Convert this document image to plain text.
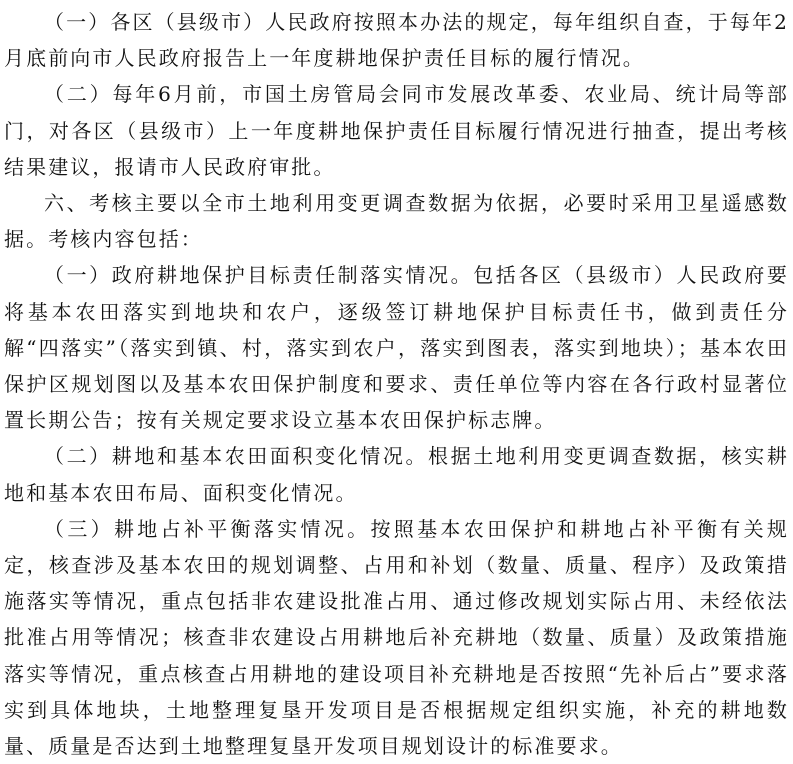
（一）各区（县级市）人民政府按照本办法的规定，每年组织自查，于每年2月底前向市人民政府报告上一年度耕地保护责任目标的履行情况。

（二）每年6月前，市国土房管局会同市发展改革委、农业局、统计局等部门，对各区（县级市）上一年度耕地保护责任目标履行情况进行抽查，提出考核结果建议，报请市人民政府审批。

六、考核主要以全市土地利用变更调查数据为依据，必要时采用卫星遥感数据。考核内容包括：

（一）政府耕地保护目标责任制落实情况。包括各区（县级市）人民政府要将基本农田落实到地块和农户，逐级签订耕地保护目标责任书，做到责任分解“四落实”（落实到镇、村，落实到农户，落实到图表，落实到地块）；基本农田保护区规划图以及基本农田保护制度和要求、责任单位等内容在各行政村显著位置长期公告；按有关规定要求设立基本农田保护标志牌。

（二）耕地和基本农田面积变化情况。根据土地利用变更调查数据，核实耕地和基本农田布局、面积变化情况。

（三）耕地占补平衡落实情况。按照基本农田保护和耕地占补平衡有关规定，核查涉及基本农田的规划调整、占用和补划（数量、质量、程序）及政策措施落实等情况，重点包括非农建设批准占用、通过修改规划实际占用、未经依法批准占用等情况；核查非农建设占用耕地后补充耕地（数量、质量）及政策措施落实等情况，重点核查占用耕地的建设项目补充耕地是否按照“先补后占”要求落实到具体地块，土地整理复垦开发项目是否根据规定组织实施，补充的耕地数量、质量是否达到土地整理复垦开发项目规划设计的标准要求。
